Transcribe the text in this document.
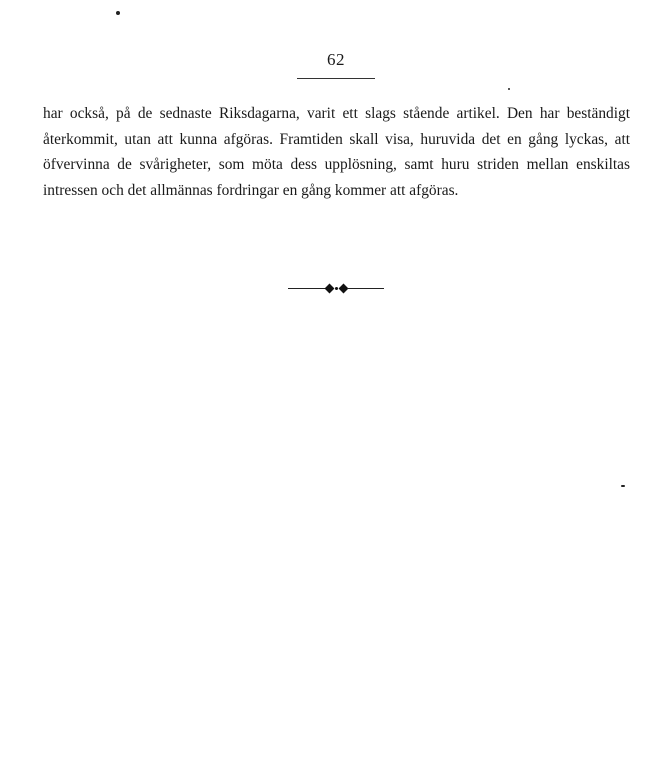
62

har också, på de sednaste Riksdagarna, varit ett slags stående artikel. Den har beständigt återkommit, utan att kunna afgöras. Framtiden skall visa, huruvida det en gång lyckas, att öfvervinna de svårigheter, som möta dess upplösning, samt huru striden mellan enskiltas intressen och det allmännas fordringar en gång kommer att afgöras.
